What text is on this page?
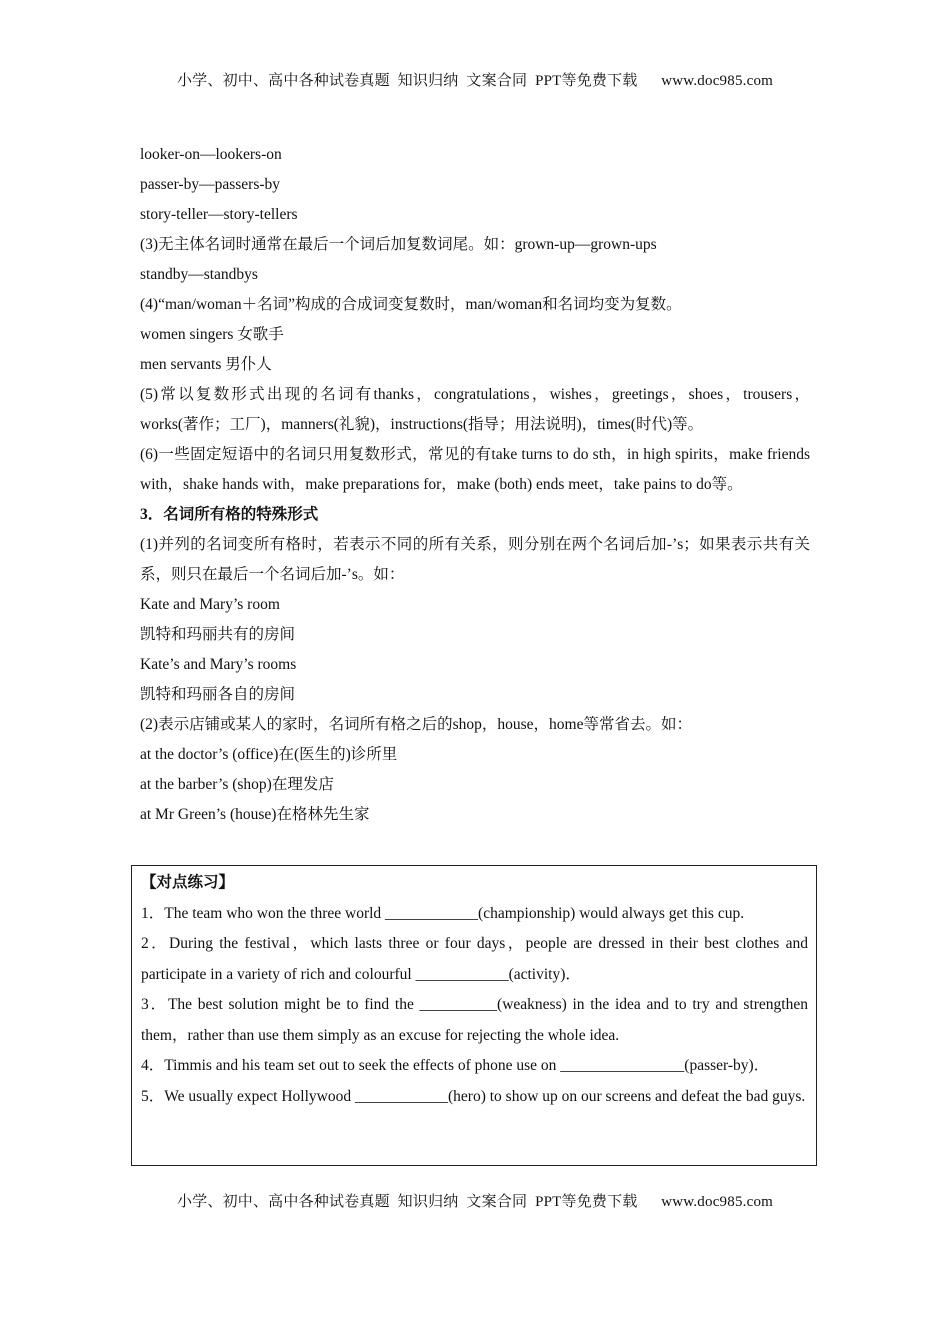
小学、初中、高中各种试卷真题  知识归纳  文案合同  PPT等免费下载      www.doc985.com
looker-on—lookers-on
passer-by—passers-by
story-teller—story-tellers
(3)无主体名词时通常在最后一个词后加复数词尾。如：grown-up—grown-ups
standby—standbys
(4)“man/woman＋名词”构成的合成词变复数时，man/woman和名词均变为复数。
women singers 女歌手
men servants 男仆人
(5)常以复数形式出现的名词有thanks，congratulations，wishes，greetings，shoes，trousers，works(著作；工厂)，manners(礼貌)，instructions(指导；用法说明)，times(时代)等。
(6)一些固定短语中的名词只用复数形式，常见的有take turns to do sth，in high spirits，make friends with，shake hands with，make preparations for，make (both) ends meet，take pains to do等。
3．名词所有格的特殊形式
(1)并列的名词变所有格时，若表示不同的所有关系，则分别在两个名词后加-’s；如果表示共有关系，则只在最后一个名词后加-’s。如：
Kate and Mary’s room
凯特和玛丽共有的房间
Kate’s and Mary’s rooms
凯特和玛丽各自的房间
(2)表示店铺或某人的家时，名词所有格之后的shop，house，home等常省去。如：
at the doctor’s (office)在(医生的)诊所里
at the barber’s (shop)在理发店
at Mr Green’s (house)在格林先生家
【对点练习】
1．The team who won the three world ____________(championship) would always get this cup.
2．During the festival，which lasts three or four days，people are dressed in their best clothes and participate in a variety of rich and colourful ____________(activity)．
3．The best solution might be to find the __________(weakness) in the idea and to try and strengthen them，rather than use them simply as an excuse for rejecting the whole idea.
4．Timmis and his team set out to seek the effects of phone use on ________________(passer-by)．
5．We usually expect Hollywood ____________(hero) to show up on our screens and defeat the bad guys.
小学、初中、高中各种试卷真题  知识归纳  文案合同  PPT等免费下载      www.doc985.com
